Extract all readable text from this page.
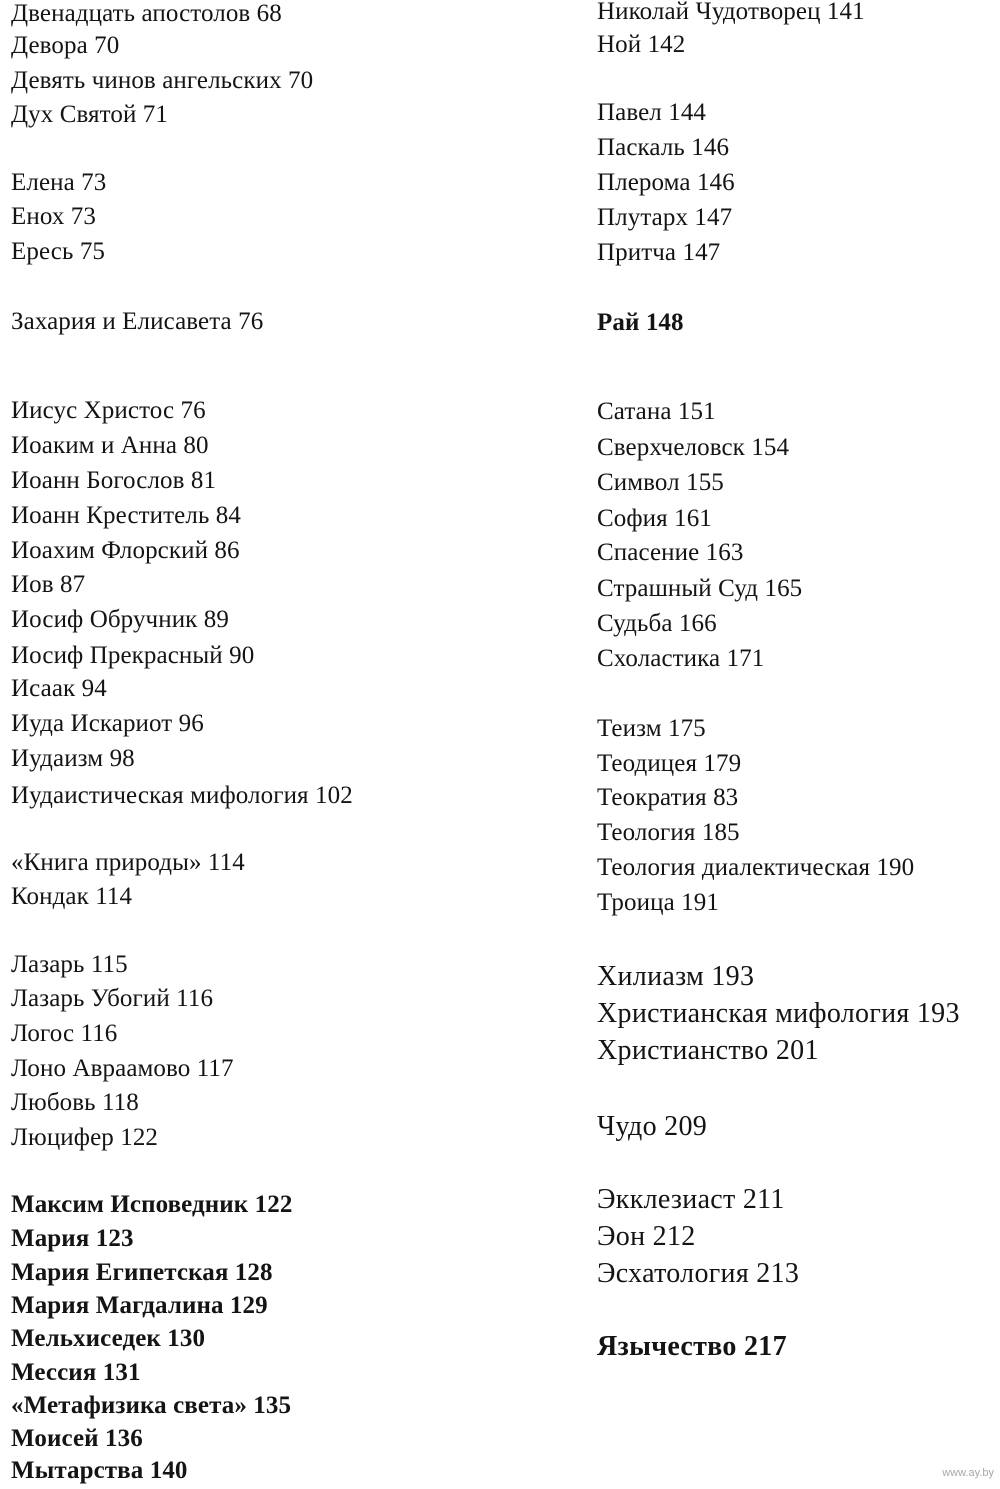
Двенадцать апостолов 68
Девора 70
Девять чинов ангельских 70
Дух Святой 71
Елена 73
Енох 73
Ересь 75
Захария и Елисавета 76
Иисус Христос 76
Иоаким и Анна 80
Иоанн Богослов 81
Иоанн Креститель 84
Иоахим Флорский 86
Иов 87
Иосиф Обручник 89
Иосиф Прекрасный 90
Исаак 94
Иуда Искариот 96
Иудаизм 98
Иудаистическая мифология 102
«Книга природы» 114
Кондак 114
Лазарь 115
Лазарь Убогий 116
Логос 116
Лоно Авраамово 117
Любовь 118
Люцифер 122
Максим Исповедник 122
Мария 123
Мария Египетская 128
Мария Магдалина 129
Мельхиседек 130
Мессия 131
«Метафизика света» 135
Моисей 136
Мытарства 140
Николай Чудотворец 141
Ной 142
Павел 144
Паскаль 146
Плерома 146
Плутарх 147
Притча 147
Рай 148
Сатана 151
Сверхчеловск 154
Символ 155
София 161
Спасение 163
Страшный Суд 165
Судьба 166
Схоластика 171
Теизм 175
Теодицея 179
Теократия 83
Теология 185
Теология диалектическая 190
Троица 191
Хилиазм 193
Христианская мифология 193
Христианство 201
Чудо 209
Экклезиаст 211
Эон 212
Эсхатология 213
Язычество 217
www.ay.by
